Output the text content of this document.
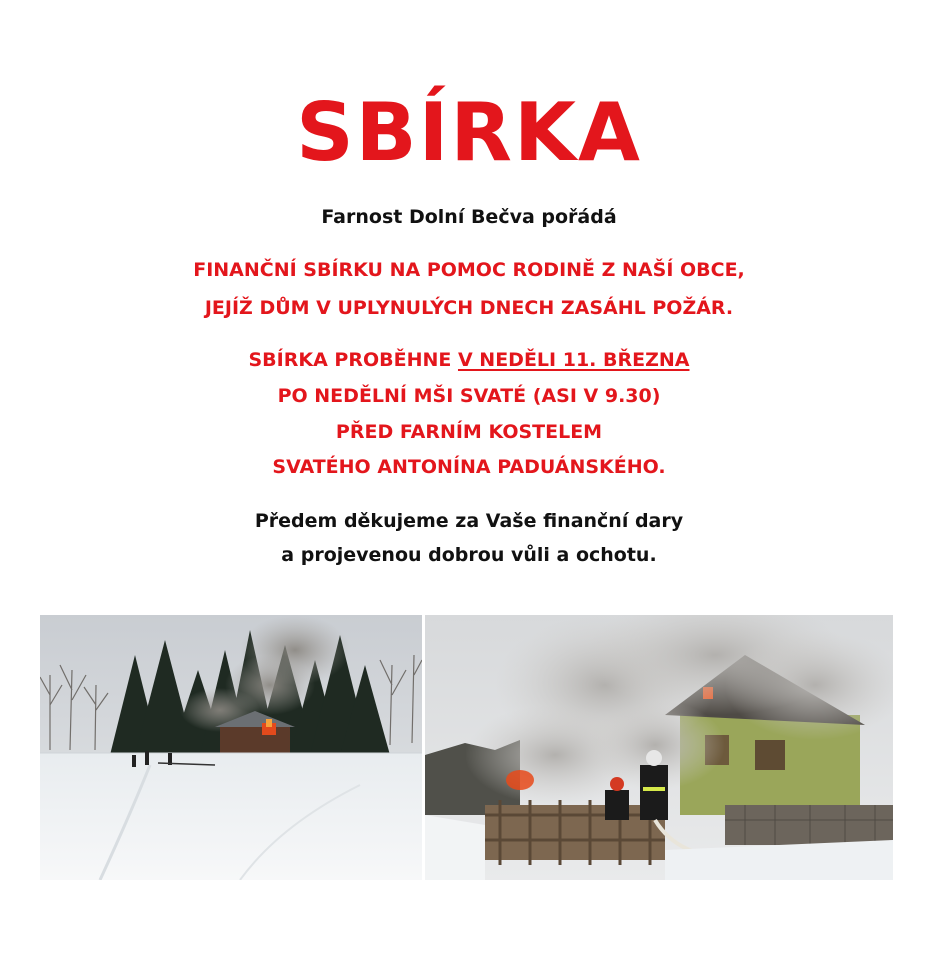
SBÍRKA
Farnost Dolní Bečva pořádá
FINANČNÍ SBÍRKU NA POMOC RODINĚ Z NAŠÍ OBCE,
JEJÍŽ DŮM V UPLYNULÝCH DNECH ZASÁHL POŽÁR.
SBÍRKA PROBĚHNE V NEDĚLI 11. BŘEZNA
PO NEDĚLNÍ MŠI SVATÉ (ASI V 9.30)
PŘED FARNÍM KOSTELEM
SVATÉHO ANTONÍNA PADUÁNSKÉHO.
Předem děkujeme za Vaše finanční dary
a projevenou dobrou vůli a ochotu.
